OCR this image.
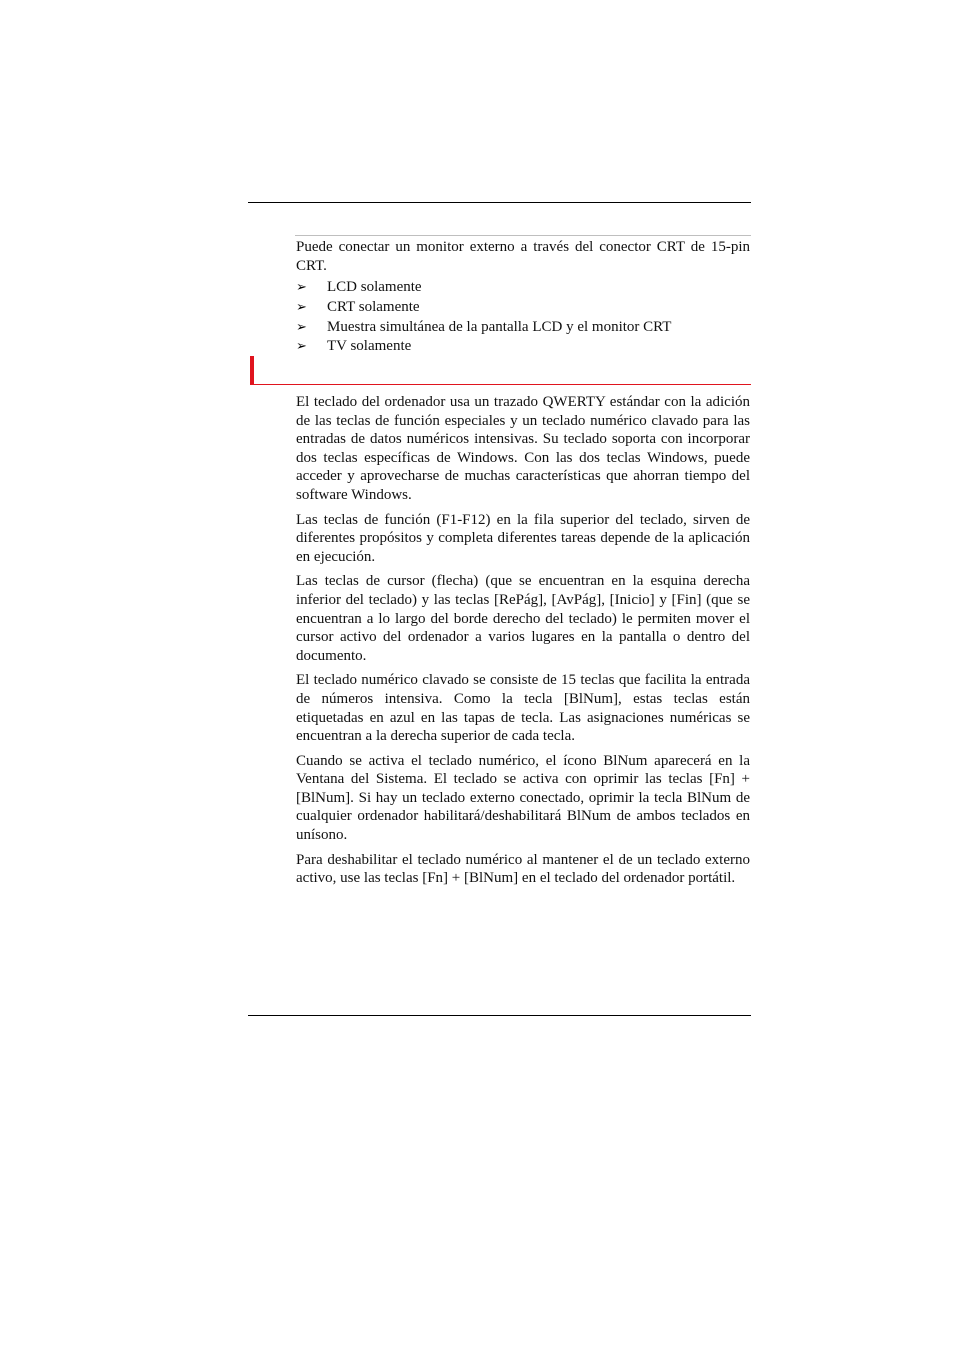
Puede conectar un monitor externo a través del conector CRT de 15-pin CRT.
➢	LCD solamente
➢	CRT solamente
➢	Muestra simultánea de la pantalla LCD y el monitor CRT
➢	TV solamente

El teclado del ordenador usa un trazado QWERTY estándar con la adición de las teclas de función especiales y un teclado numérico clavado para las entradas de datos numéricos intensivas. Su teclado soporta con incorporar dos teclas específicas de Windows. Con las dos teclas Windows, puede acceder y aprovecharse de muchas características que ahorran tiempo del software Windows.

Las teclas de función (F1-F12) en la fila superior del teclado, sirven de diferentes propósitos y completa diferentes tareas depende de la aplicación en ejecución.

Las teclas de cursor (flecha) (que se encuentran en la esquina derecha inferior del teclado) y las teclas [RePág], [AvPág], [Inicio] y [Fin] (que se encuentran a lo largo del borde derecho del teclado) le permiten mover el cursor activo del ordenador a varios lugares en la pantalla o dentro del documento.

El teclado numérico clavado se consiste de 15 teclas que facilita la entrada de números intensiva. Como la tecla [BlNum], estas teclas están etiquetadas en azul en las tapas de tecla. Las asignaciones numéricas se encuentran a la derecha superior de cada tecla.

Cuando se activa el teclado numérico, el ícono BlNum aparecerá en la Ventana del Sistema. El teclado se activa con oprimir las teclas [Fn] + [BlNum]. Si hay un teclado externo conectado, oprimir la tecla BlNum de cualquier ordenador habilitará/deshabilitará BlNum de ambos teclados en unísono.

Para deshabilitar el teclado numérico al mantener el de un teclado externo activo, use las teclas [Fn] + [BlNum] en el teclado del ordenador portátil.
